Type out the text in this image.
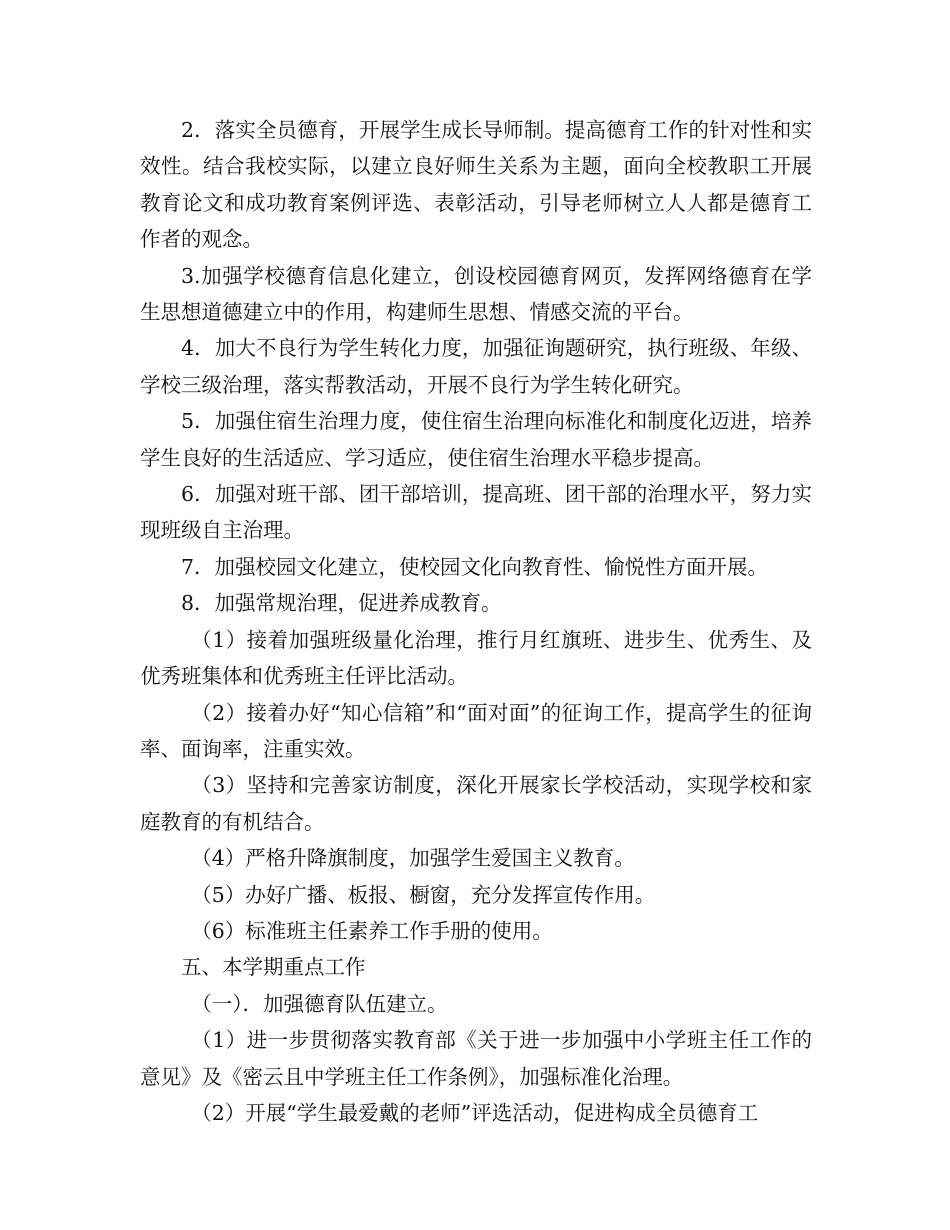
2．落实全员德育，开展学生成长导师制。提高德育工作的针对性和实效性。结合我校实际，以建立良好师生关系为主题，面向全校教职工开展教育论文和成功教育案例评选、表彰活动，引导老师树立人人都是德育工作者的观念。

3.加强学校德育信息化建立，创设校园德育网页，发挥网络德育在学生思想道德建立中的作用，构建师生思想、情感交流的平台。

4．加大不良行为学生转化力度，加强征询题研究，执行班级、年级、学校三级治理，落实帮教活动，开展不良行为学生转化研究。

5．加强住宿生治理力度，使住宿生治理向标准化和制度化迈进，培养学生良好的生活适应、学习适应，使住宿生治理水平稳步提高。

6．加强对班干部、团干部培训，提高班、团干部的治理水平，努力实现班级自主治理。

7．加强校园文化建立，使校园文化向教育性、愉悦性方面开展。

8．加强常规治理，促进养成教育。

（1）接着加强班级量化治理，推行月红旗班、进步生、优秀生、及优秀班集体和优秀班主任评比活动。

（2）接着办好“知心信箱”和“面对面”的征询工作，提高学生的征询率、面询率，注重实效。

（3）坚持和完善家访制度，深化开展家长学校活动，实现学校和家庭教育的有机结合。

（4）严格升降旗制度，加强学生爱国主义教育。

（5）办好广播、板报、橱窗，充分发挥宣传作用。

（6）标准班主任素养工作手册的使用。

五、本学期重点工作

（一）．加强德育队伍建立。

（1）进一步贯彻落实教育部《关于进一步加强中小学班主任工作的意见》及《密云且中学班主任工作条例》，加强标准化治理。

（2）开展“学生最爱戴的老师”评选活动，促进构成全员德育工
